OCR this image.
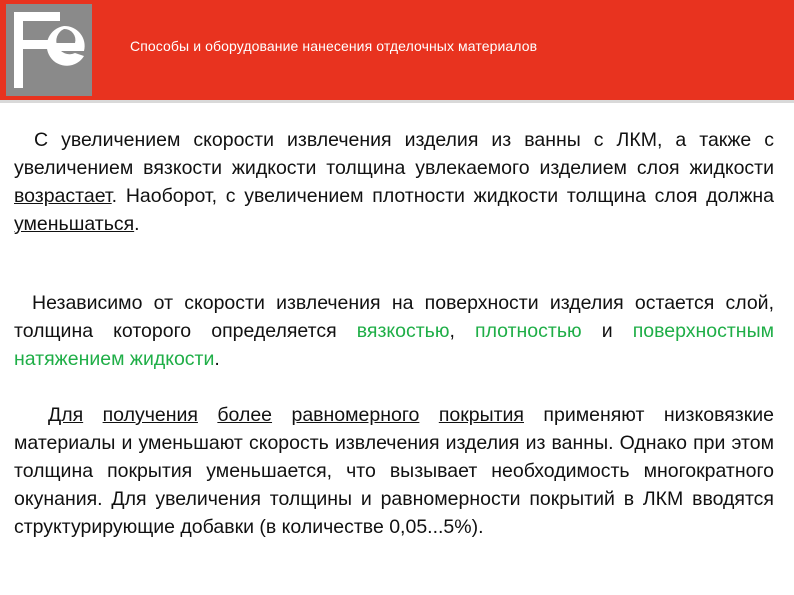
Способы и оборудование нанесения отделочных материалов
С увеличением скорости извлечения изделия из ванны с ЛКМ, а также с увеличением вязкости жидкости толщина увлекаемого изделием слоя жидкости возрастает. Наоборот, с увеличением плотности жидкости толщина слоя должна уменьшаться.
Независимо от скорости извлечения на поверхности изделия остается слой, толщина которого определяется вязкостью, плотностью и поверхностным натяжением жидкости.
Для получения более равномерного покрытия применяют низковязкие материалы и уменьшают скорость извлечения изделия из ванны. Однако при этом толщина покрытия уменьшается, что вызывает необходимость многократного окунания. Для увеличения толщины и равномерности покрытий в ЛКМ вводятся структурирующие добавки (в количестве 0,05...5%).
